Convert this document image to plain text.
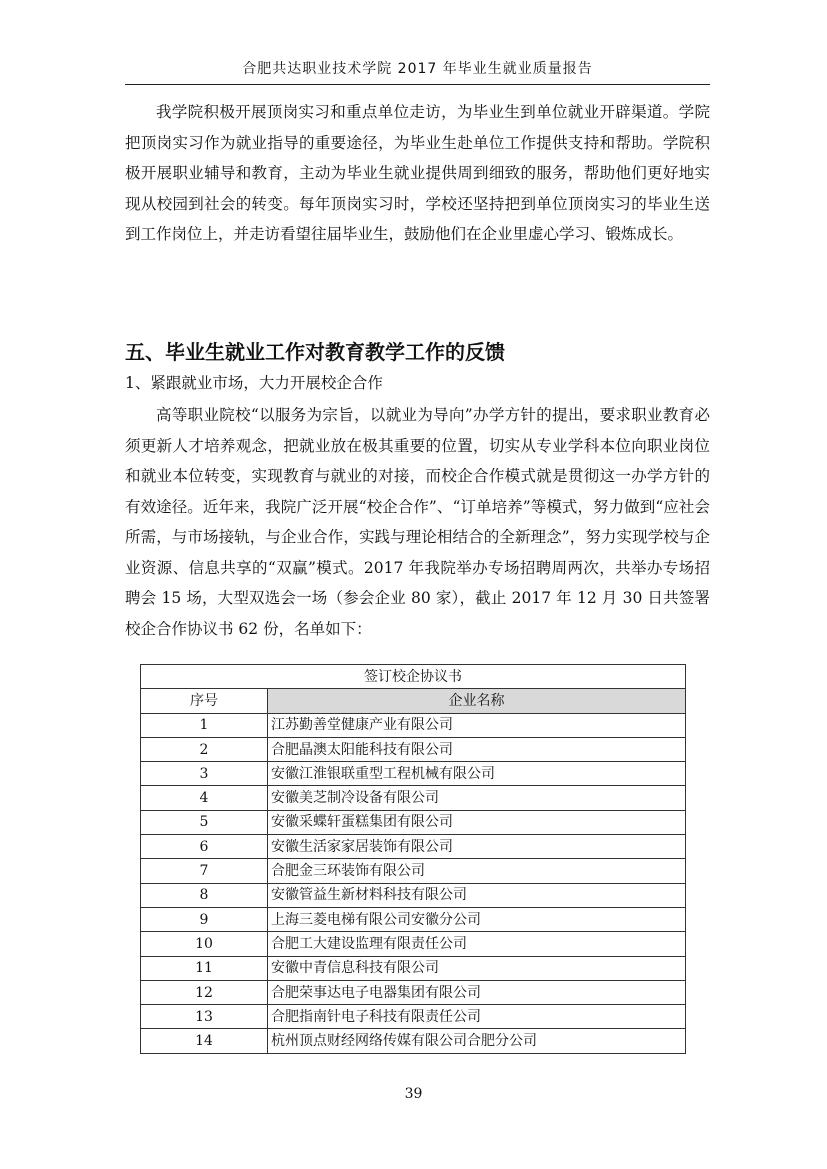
合肥共达职业技术学院 2017 年毕业生就业质量报告

我学院积极开展顶岗实习和重点单位走访，为毕业生到单位就业开辟渠道。学院把顶岗实习作为就业指导的重要途径，为毕业生赴单位工作提供支持和帮助。学院积极开展职业辅导和教育，主动为毕业生就业提供周到细致的服务，帮助他们更好地实现从校园到社会的转变。每年顶岗实习时，学校还坚持把到单位顶岗实习的毕业生送到工作岗位上，并走访看望往届毕业生，鼓励他们在企业里虚心学习、锻炼成长。

五、毕业生就业工作对教育教学工作的反馈

1、紧跟就业市场，大力开展校企合作

高等职业院校“以服务为宗旨，以就业为导向”办学方针的提出，要求职业教育必须更新人才培养观念，把就业放在极其重要的位置，切实从专业学科本位向职业岗位和就业本位转变，实现教育与就业的对接，而校企合作模式就是贯彻这一办学方针的有效途径。近年来，我院广泛开展“校企合作”、“订单培养”等模式，努力做到“应社会所需，与市场接轨，与企业合作，实践与理论相结合的全新理念”，努力实现学校与企业资源、信息共享的“双赢”模式。2017 年我院举办专场招聘周两次，共举办专场招聘会 15 场，大型双选会一场（参会企业 80 家），截止 2017 年 12 月 30 日共签署校企合作协议书 62 份，名单如下：

签订校企协议书	
序号	企业名称
1	江苏勤善堂健康产业有限公司
2	合肥晶澳太阳能科技有限公司
3	安徽江淮银联重型工程机械有限公司
4	安徽美芝制冷设备有限公司
5	安徽采蝶轩蛋糕集团有限公司
6	安徽生活家家居装饰有限公司
7	合肥金三环装饰有限公司
8	安徽管益生新材料科技有限公司
9	上海三菱电梯有限公司安徽分公司
10	合肥工大建设监理有限责任公司
11	安徽中青信息科技有限公司
12	合肥荣事达电子电器集团有限公司
13	合肥指南针电子科技有限责任公司
14	杭州顶点财经网络传媒有限公司合肥分公司
39
